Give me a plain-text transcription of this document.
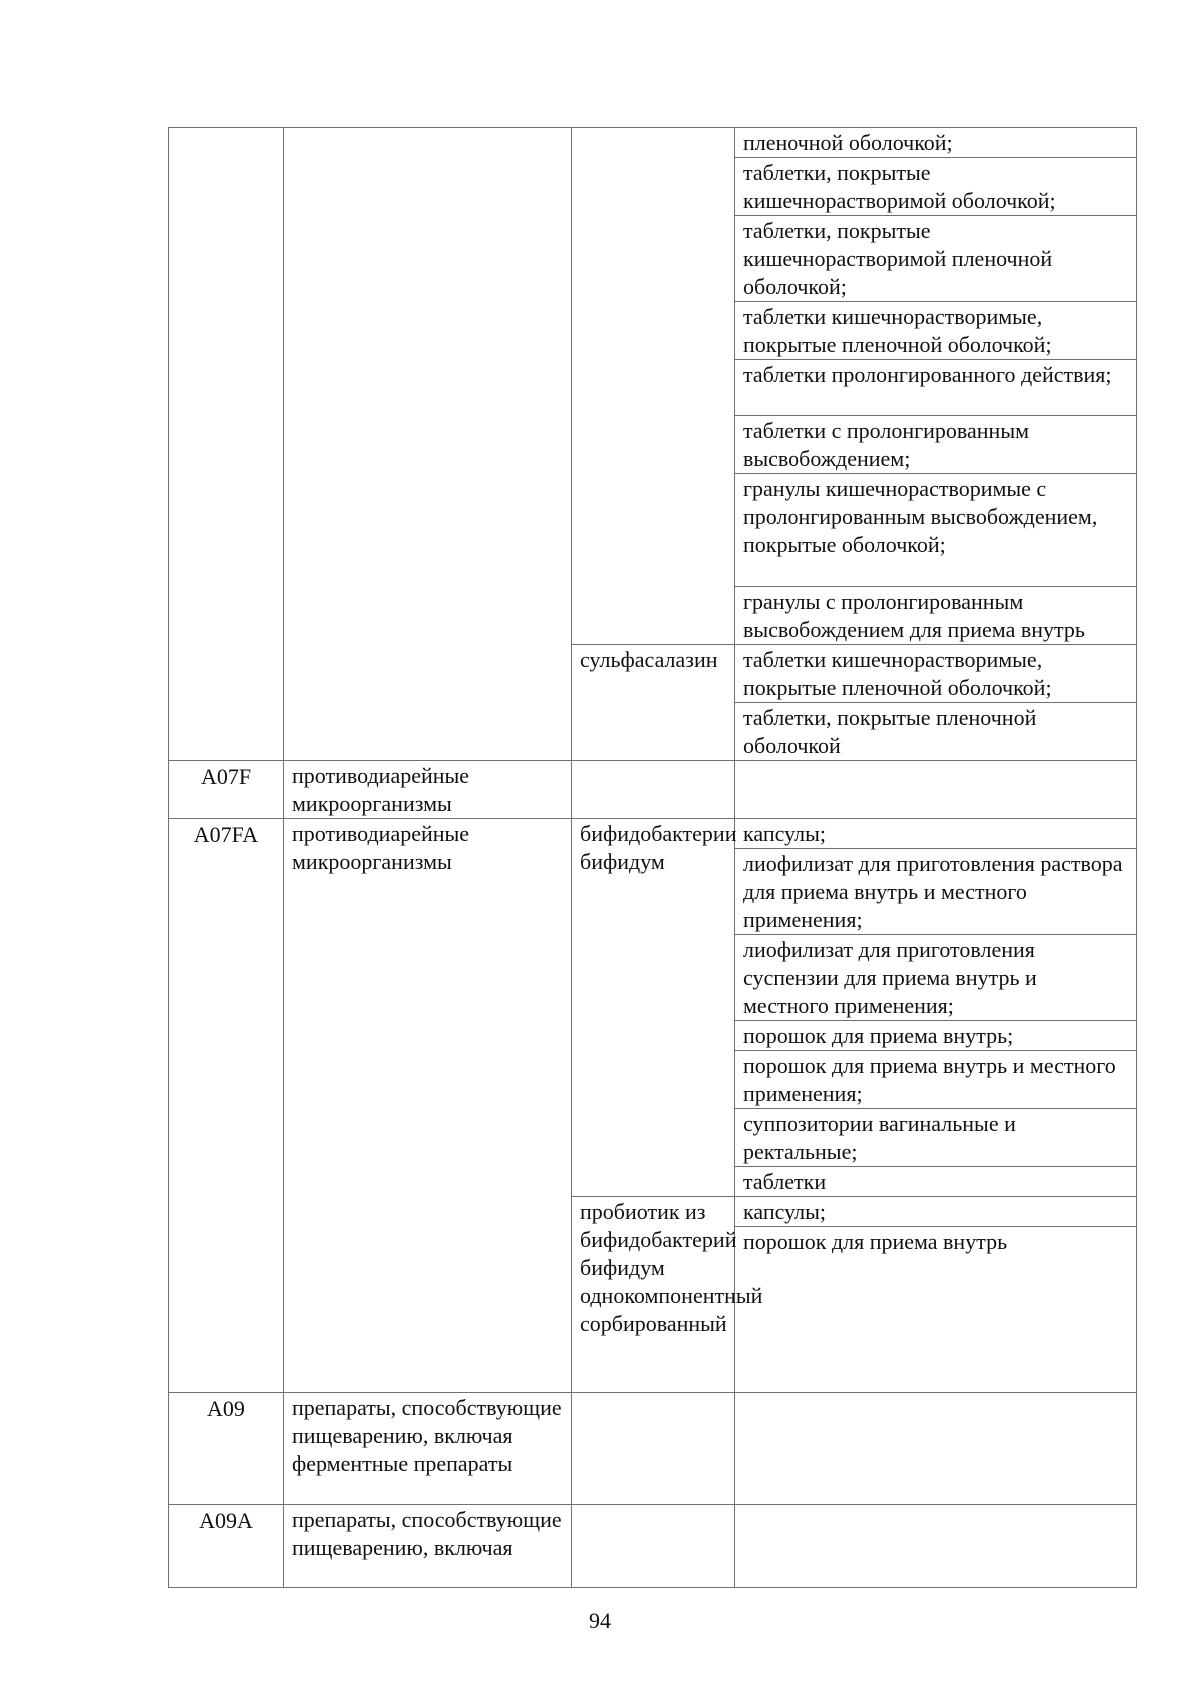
			пленочной оболочкой;
			таблетки, покрытые кишечнорастворимой оболочкой;
			таблетки, покрытые кишечнорастворимой пленочной оболочкой;
			таблетки кишечнорастворимые, покрытые пленочной оболочкой;
			таблетки пролонгированного действия;
			таблетки с пролонгированным высвобождением;
			гранулы кишечнорастворимые с пролонгированным высвобождением, покрытые оболочкой;
			гранулы с пролонгированным высвобождением для приема внутрь
		сульфасалазин	таблетки кишечнорастворимые, покрытые пленочной оболочкой;
			таблетки, покрытые пленочной оболочкой
A07F	противодиарейные микроорганизмы		
A07FA	противодиарейные микроорганизмы	бифидобактерии бифидум	капсулы;
			лиофилизат для приготовления раствора для приема внутрь и местного применения;
			лиофилизат для приготовления суспензии для приема внутрь и местного применения;
			порошок для приема внутрь;
			порошок для приема внутрь и местного применения;
			суппозитории вагинальные и ректальные;
			таблетки
		пробиотик из бифидобактерий бифидум однокомпонентный сорбированный	капсулы;
			порошок для приема внутрь
A09	препараты, способствующие пищеварению, включая ферментные препараты		
A09A	препараты, способствующие пищеварению, включая		
94
